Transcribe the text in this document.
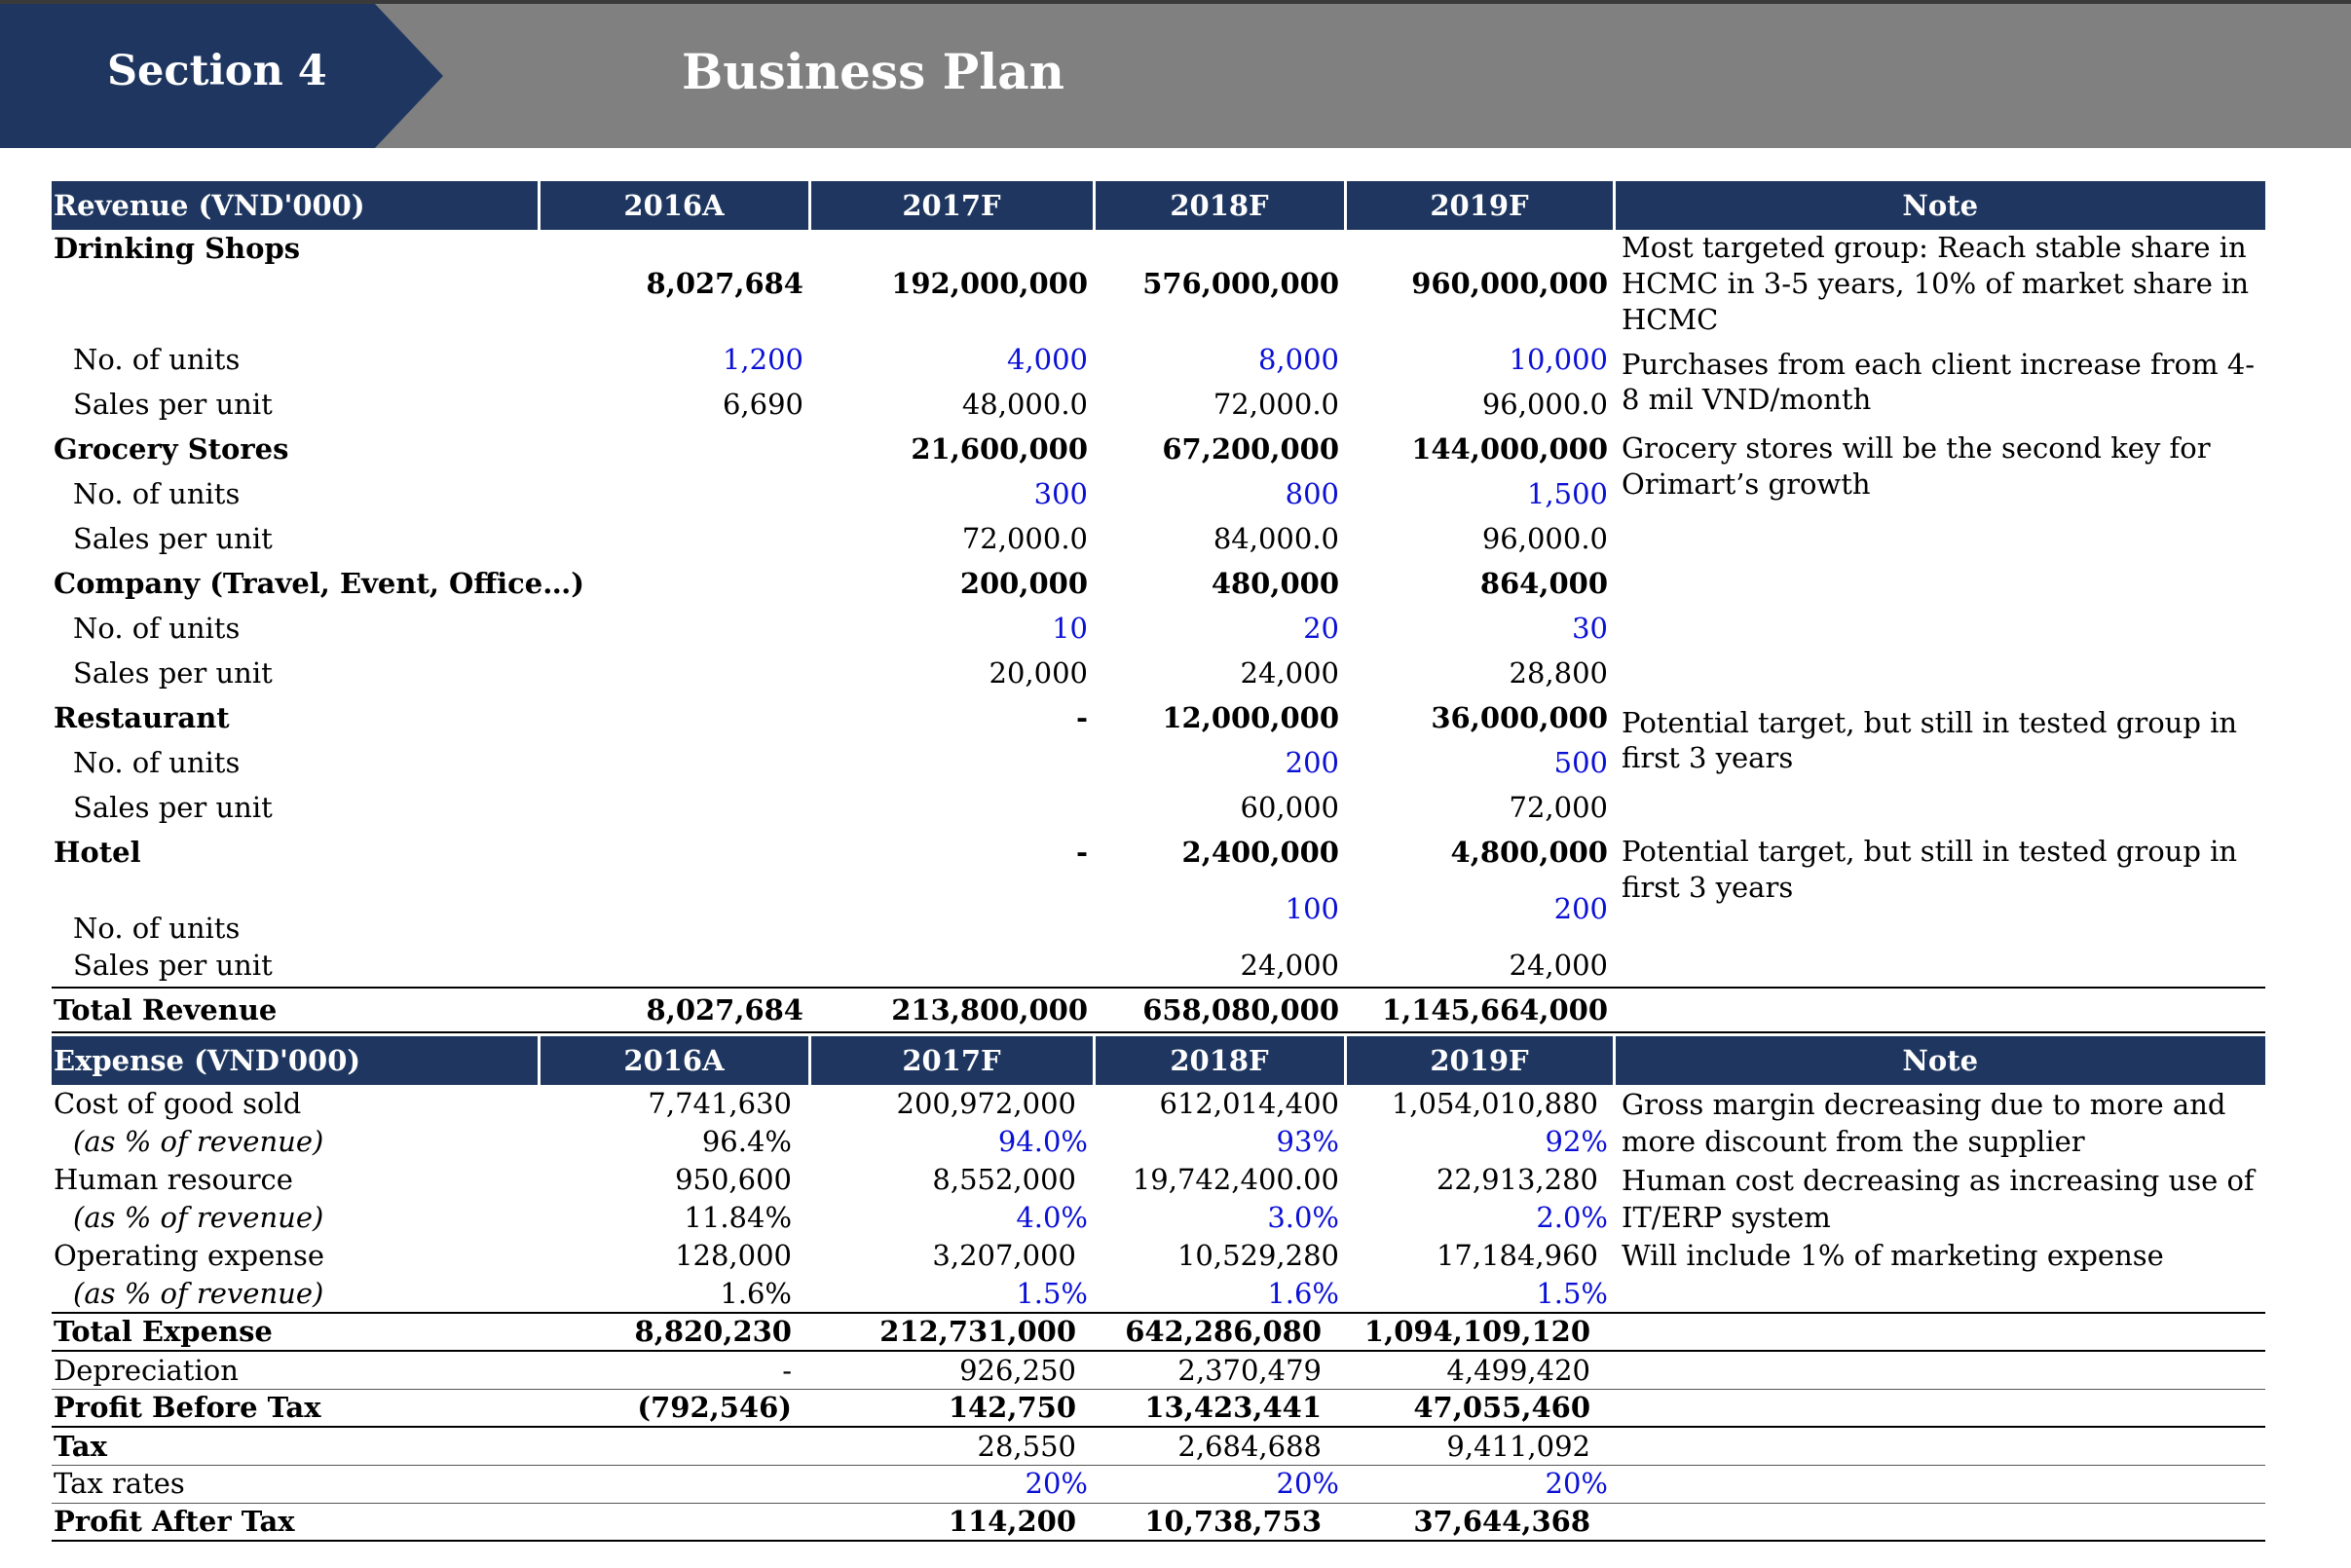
Section 4	Business Plan
Revenue (VND'000)	2016A	2017F	2018F	2019F	Note
Drinking Shops	8,027,684	192,000,000	576,000,000	960,000,000	Most targeted group: Reach stable share in HCMC in 3-5 years, 10% of market share in HCMC
No. of units	1,200	4,000	8,000	10,000	Purchases from each client increase from 4-8 mil VND/month
Sales per unit	6,690	48,000.0	72,000.0	96,000.0	
Grocery Stores		21,600,000	67,200,000	144,000,000	Grocery stores will be the second key for Orimart’s growth
No. of units		300	800	1,500	
Sales per unit		72,000.0	84,000.0	96,000.0	
Company (Travel, Event, Office…)		200,000	480,000	864,000	
No. of units		10	20	30	
Sales per unit		20,000	24,000	28,800	
Restaurant		-	12,000,000	36,000,000	Potential target, but still in tested group in first 3 years
No. of units			200	500	
Sales per unit			60,000	72,000	
Hotel		-	2,400,000	4,800,000	Potential target, but still in tested group in first 3 years
No. of units			100	200	
Sales per unit			24,000	24,000	
Total Revenue	8,027,684	213,800,000	658,080,000	1,145,664,000	
Expense (VND'000)	2016A	2017F	2018F	2019F	Note
Cost of good sold	7,741,630	200,972,000	612,014,400	1,054,010,880	Gross margin decreasing due to more and more discount from the supplier
(as % of revenue)	96.4%	94.0%	93%	92%	
Human resource	950,600	8,552,000	19,742,400.00	22,913,280	Human cost decreasing as increasing use of IT/ERP system
(as % of revenue)	11.84%	4.0%	3.0%	2.0%	
Operating expense	128,000	3,207,000	10,529,280	17,184,960	Will include 1% of marketing expense
(as % of revenue)	1.6%	1.5%	1.6%	1.5%	
Total Expense	8,820,230	212,731,000	642,286,080	1,094,109,120	
Depreciation	-	926,250	2,370,479	4,499,420	
Profit Before Tax	(792,546)	142,750	13,423,441	47,055,460	
Tax		28,550	2,684,688	9,411,092	
Tax rates		20%	20%	20%	
Profit After Tax		114,200	10,738,753	37,644,368	
